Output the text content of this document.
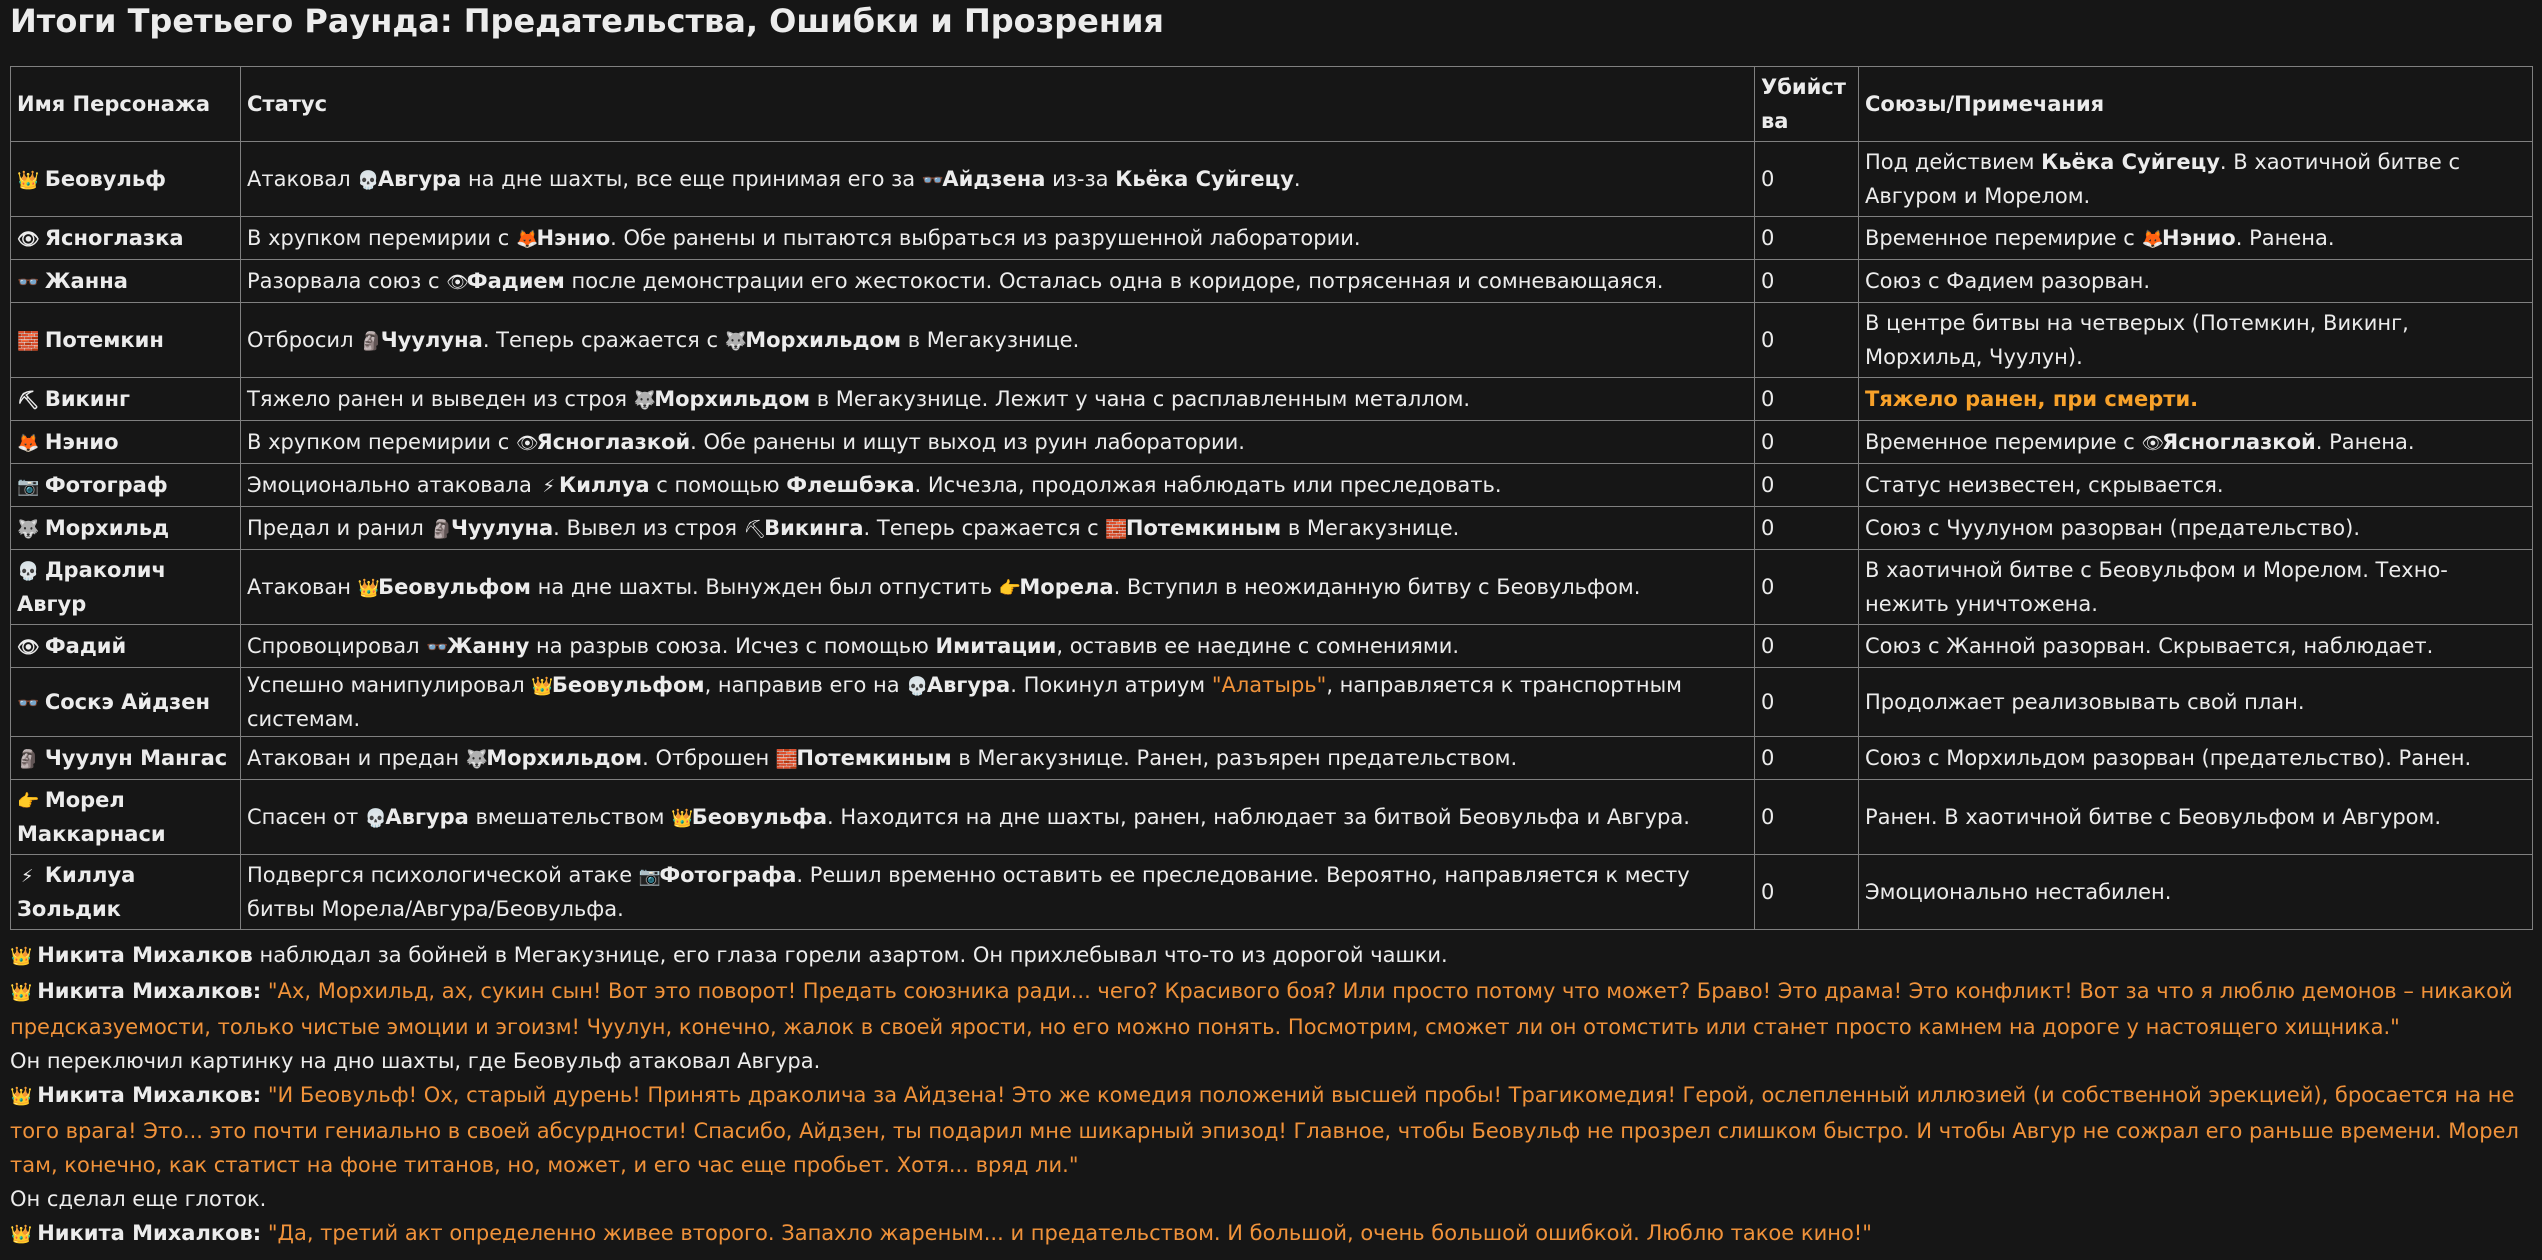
Итоги Третьего Раунда: Предательства, Ошибки и Прозрения
Имя Персонажа	Статус	Убийства	Союзы/Примечания
👑 Беовульф	Атаковал 💀Авгура на дне шахты, все еще принимая его за 👓Айдзена из-за Кьёка Суйгецу.	0	Под действием Кьёка Суйгецу. В хаотичной битве с Авгуром и Морелом.
👁 Ясноглазка	В хрупком перемирии с 🦊Нэнио. Обе ранены и пытаются выбраться из разрушенной лаборатории.	0	Временное перемирие с 🦊Нэнио. Ранена.
👓 Жанна	Разорвала союз с 👁Фадием после демонстрации его жестокости. Осталась одна в коридоре, потрясенная и сомневающаяся.	0	Союз с Фадием разорван.
🧱 Потемкин	Отбросил 🗿Чуулуна. Теперь сражается с 🐺Морхильдом в Мегакузнице.	0	В центре битвы на четверых (Потемкин, Викинг, Морхильд, Чуулун).
⛏ Викинг	Тяжело ранен и выведен из строя 🐺Морхильдом в Мегакузнице. Лежит у чана с расплавленным металлом.	0	Тяжело ранен, при смерти.
🦊 Нэнио	В хрупком перемирии с 👁Ясноглазкой. Обе ранены и ищут выход из руин лаборатории.	0	Временное перемирие с 👁Ясноглазкой. Ранена.
📷 Фотограф	Эмоционально атаковала ⚡ Киллуа с помощью Флешбэка. Исчезла, продолжая наблюдать или преследовать.	0	Статус неизвестен, скрывается.
🐺 Морхильд	Предал и ранил 🗿Чуулуна. Вывел из строя ⛏Викинга. Теперь сражается с 🧱Потемкиным в Мегакузнице.	0	Союз с Чуулуном разорван (предательство).
💀 Драколич Авгур	Атакован 👑Беовульфом на дне шахты. Вынужден был отпустить 👉Морела. Вступил в неожиданную битву с Беовульфом.	0	В хаотичной битве с Беовульфом и Морелом. Техно-нежить уничтожена.
👁 Фадий	Спровоцировал 👓Жанну на разрыв союза. Исчез с помощью Имитации, оставив ее наедине с сомнениями.	0	Союз с Жанной разорван. Скрывается, наблюдает.
👓 Соскэ Айдзен	Успешно манипулировал 👑Беовульфом, направив его на 💀Авгура. Покинул атриум "Алатырь", направляется к транспортным системам.	0	Продолжает реализовывать свой план.
🗿 Чуулун Мангас	Атакован и предан 🐺Морхильдом. Отброшен 🧱Потемкиным в Мегакузнице. Ранен, разъярен предательством.	0	Союз с Морхильдом разорван (предательство). Ранен.
👉 Морел Маккарнаси	Спасен от 💀Авгура вмешательством 👑Беовульфа. Находится на дне шахты, ранен, наблюдает за битвой Беовульфа и Авгура.	0	Ранен. В хаотичной битве с Беовульфом и Авгуром.
⚡ Киллуа Зольдик	Подвергся психологической атаке 📷Фотографа. Решил временно оставить ее преследование. Вероятно, направляется к месту битвы Морела/Авгура/Беовульфа.	0	Эмоционально нестабилен.

👑 Никита Михалков наблюдал за бойней в Мегакузнице, его глаза горели азартом. Он прихлебывал что-то из дорогой чашки.

👑 Никита Михалков: "Ах, Морхильд, ах, сукин сын! Вот это поворот! Предать союзника ради... чего? Красивого боя? Или просто потому что может? Браво! Это драма! Это конфликт! Вот за что я люблю демонов – никакой предсказуемости, только чистые эмоции и эгоизм! Чуулун, конечно, жалок в своей ярости, но его можно понять. Посмотрим, сможет ли он отомстить или станет просто камнем на дороге у настоящего хищника."

Он переключил картинку на дно шахты, где Беовульф атаковал Авгура.

👑 Никита Михалков: "И Беовульф! Ох, старый дурень! Принять драколича за Айдзена! Это же комедия положений высшей пробы! Трагикомедия! Герой, ослепленный иллюзией (и собственной эрекцией), бросается на не того врага! Это... это почти гениально в своей абсурдности! Спасибо, Айдзен, ты подарил мне шикарный эпизод! Главное, чтобы Беовульф не прозрел слишком быстро. И чтобы Авгур не сожрал его раньше времени. Морел там, конечно, как статист на фоне титанов, но, может, и его час еще пробьет. Хотя... вряд ли."

Он сделал еще глоток.

👑 Никита Михалков: "Да, третий акт определенно живее второго. Запахло жареным... и предательством. И большой, очень большой ошибкой. Люблю такое кино!"
